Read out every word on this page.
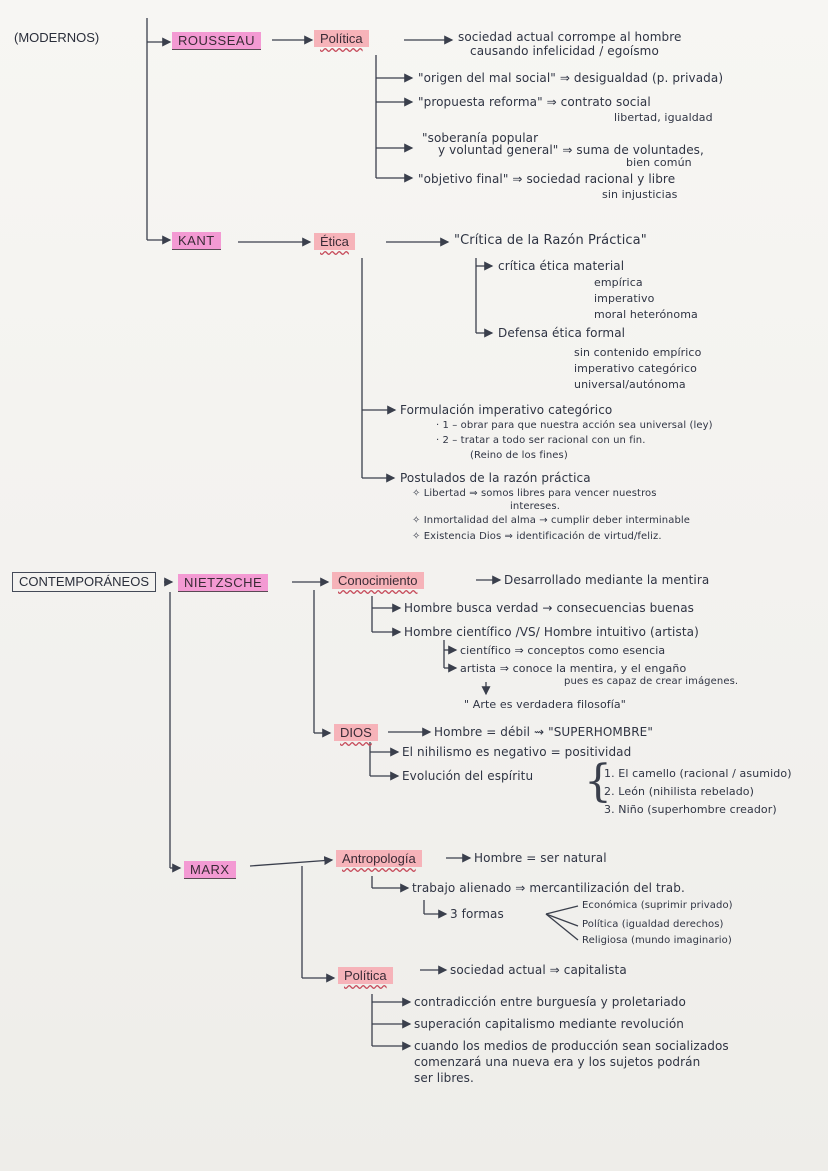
(MODERNOS)	ROUSSEAU	Política	sociedad actual corrompe al hombre
causando infelicidad / egoísmo
"origen del mal social" ⇒ desigualdad (p. privada)
"propuesta reforma" ⇒ contrato social
libertad, igualdad
"soberanía popular
y voluntad general" ⇒ suma de voluntades,
bien común
"objetivo final" ⇒ sociedad racional y libre
sin injusticias
KANT	Ética	"Crítica de la Razón Práctica"
crítica ética material
empírica
imperativo
moral heterónoma
Defensa ética formal
sin contenido empírico
imperativo categórico
universal/autónoma
Formulación imperativo categórico
· 1 – obrar para que nuestra acción sea universal (ley)
· 2 – tratar a todo ser racional con un fin.
(Reino de los fines)
Postulados de la razón práctica
✧ Libertad ⇒ somos libres para vencer nuestros
intereses.
✧ Inmortalidad del alma → cumplir deber interminable
✧ Existencia Dios ⇒ identificación de virtud/feliz.
CONTEMPORÁNEOS	NIETZSCHE	Conocimiento	Desarrollado mediante la mentira
Hombre busca verdad → consecuencias buenas
Hombre científico /VS/ Hombre intuitivo (artista)
científico ⇒ conceptos como esencia
artista ⇒ conoce la mentira, y el engaño
pues es capaz de crear imágenes.
" Arte es verdadera filosofía"
DIOS	Hombre = débil ⇝ "SUPERHOMBRE"
El nihilismo es negativo = positividad
Evolución del espíritu {
1. El camello (racional / asumido)
2. León (nihilista rebelado)
3. Niño (superhombre creador)
MARX
Antropología	Hombre = ser natural
trabajo alienado ⇒ mercantilización del trab.
3 formas
Económica (suprimir privado)
Política (igualdad derechos)
Religiosa (mundo imaginario)
Política	sociedad actual ⇒ capitalista
contradicción entre burguesía y proletariado
superación capitalismo mediante revolución
cuando los medios de producción sean socializados
comenzará una nueva era y los sujetos podrán
ser libres.
